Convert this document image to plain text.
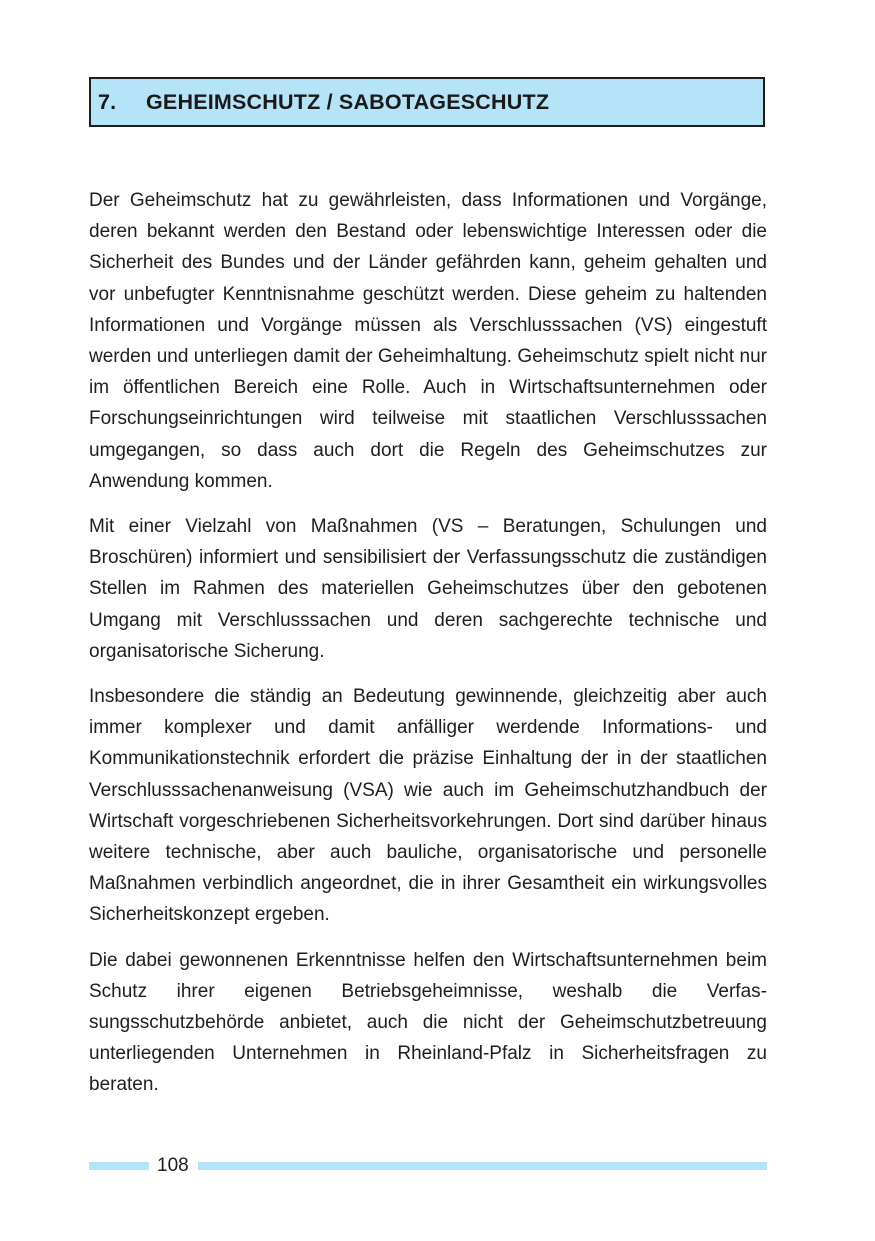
7.	GEHEIMSCHUTZ / SABOTAGESCHUTZ

Der Geheimschutz hat zu gewährleisten, dass Informationen und Vorgänge, deren bekannt werden den Bestand oder lebenswichtige Interessen oder die Sicherheit des Bundes und der Länder gefährden kann, geheim gehalten und vor unbefugter Kenntnisnahme geschützt werden. Diese geheim zu haltenden Informationen und Vorgänge müssen als Verschlusssachen (VS) eingestuft werden und unterliegen damit der Geheimhaltung. Geheimschutz spielt nicht nur im öffentlichen Bereich eine Rolle. Auch in Wirtschaftsunternehmen oder Forschungseinrichtungen wird teilweise mit staatlichen Verschlusssachen umgegangen, so dass auch dort die Regeln des Geheimschutzes zur Anwendung kommen.

Mit einer Vielzahl von Maßnahmen (VS – Beratungen, Schulungen und Broschüren) informiert und sensibilisiert der Verfassungsschutz die zuständigen Stellen im Rahmen des materiellen Geheimschutzes über den gebotenen Umgang mit Verschlusssachen und deren sachgerechte technische und organisatorische Sicherung.

Insbesondere die ständig an Bedeutung gewinnende, gleichzeitig aber auch immer komplexer und damit anfälliger werdende Informations- und Kommunikationstechnik erfordert die präzise Einhaltung der in der staatlichen Verschlusssachenanweisung (VSA) wie auch im Geheimschutzhandbuch der Wirtschaft vorgeschriebenen Sicherheitsvorkehrungen. Dort sind darüber hinaus weitere technische, aber auch bauliche, organisatorische und personelle Maßnahmen verbindlich angeordnet, die in ihrer Gesamtheit ein wirkungsvolles Sicherheitskonzept ergeben.

Die dabei gewonnenen Erkenntnisse helfen den Wirtschaftsunternehmen beim Schutz ihrer eigenen Betriebsgeheimnisse, weshalb die Verfassungsschutzbehörde anbietet, auch die nicht der Geheimschutzbetreuung unterliegenden Unternehmen in Rheinland-Pfalz in Sicherheitsfragen zu beraten.

108
